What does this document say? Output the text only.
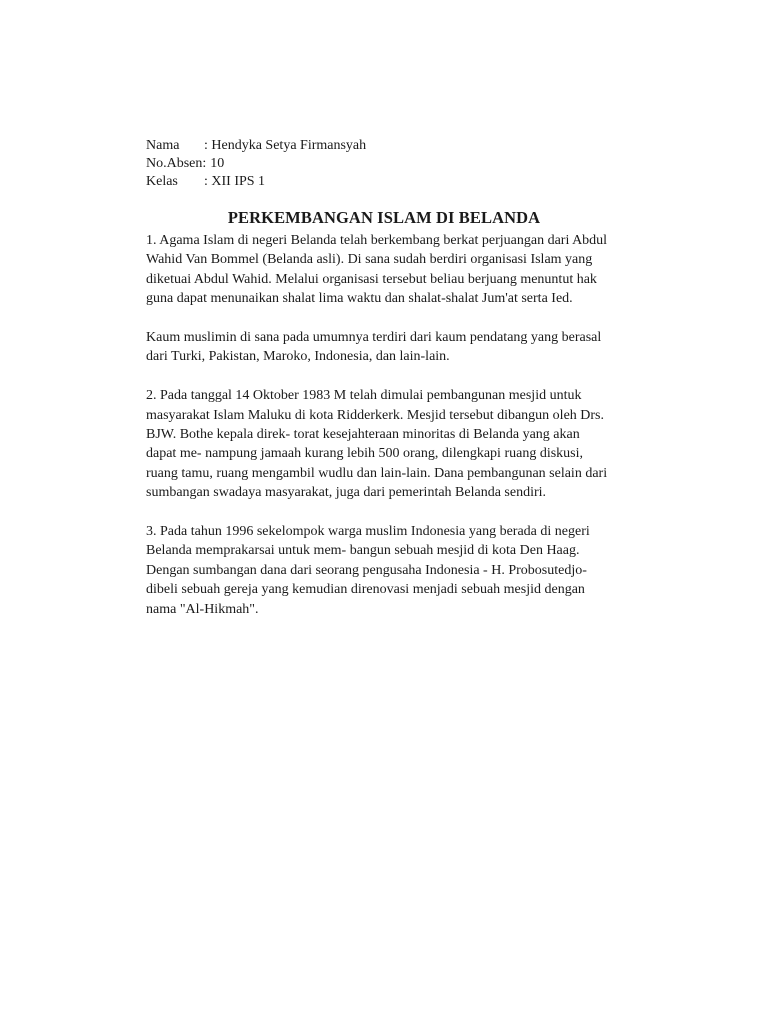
Nama	: Hendyka Setya Firmansyah
No.Absen: 10
Kelas	: XII IPS 1
PERKEMBANGAN ISLAM DI BELANDA

1. Agama Islam di negeri Belanda telah berkembang berkat perjuangan dari Abdul
Wahid Van Bommel (Belanda asli). Di sana sudah berdiri organisasi Islam yang
diketuai Abdul Wahid. Melalui organisasi tersebut beliau berjuang menuntut hak
guna dapat menunaikan shalat lima waktu dan shalat-shalat Jum'at serta Ied.

Kaum muslimin di sana pada umumnya terdiri dari kaum pendatang yang berasal
dari Turki, Pakistan, Maroko, Indonesia, dan lain-lain.

2. Pada tanggal 14 Oktober 1983 M telah dimulai pembangunan mesjid untuk
masyarakat Islam Maluku di kota Ridderkerk. Mesjid tersebut dibangun oleh Drs.
BJW. Bothe kepala direk- torat kesejahteraan minoritas di Belanda yang akan
dapat me- nampung jamaah kurang lebih 500 orang, dilengkapi ruang diskusi,
ruang tamu, ruang mengambil wudlu dan lain-lain. Dana pembangunan selain dari
sumbangan swadaya masyarakat, juga dari pemerintah Belanda sendiri.

3. Pada tahun 1996 sekelompok warga muslim Indonesia yang berada di negeri
Belanda memprakarsai untuk mem- bangun sebuah mesjid di kota Den Haag.
Dengan sumbangan dana dari seorang pengusaha Indonesia - H. Probosutedjo-
dibeli sebuah gereja yang kemudian direnovasi menjadi sebuah mesjid dengan
nama "Al-Hikmah".
